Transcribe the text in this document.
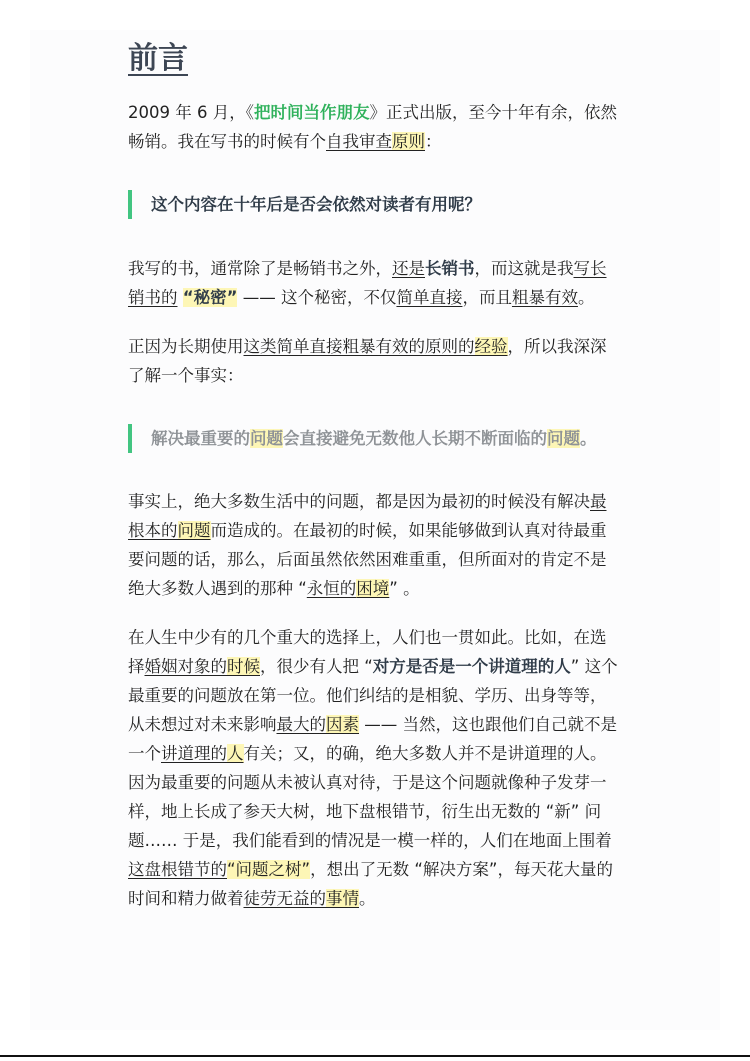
前言

2009 年 6 月，《把时间当作朋友》正式出版，至今十年有余，依然畅销。我在写书的时候有个自我审查原则：

这个内容在十年后是否会依然对读者有用呢？

我写的书，通常除了是畅销书之外，还是长销书，而这就是我写长销书的 “秘密” —— 这个秘密，不仅简单直接，而且粗暴有效。

正因为长期使用这类简单直接粗暴有效的原则的经验，所以我深深了解一个事实：

解决最重要的问题会直接避免无数他人长期不断面临的问题。

事实上，绝大多数生活中的问题，都是因为最初的时候没有解决最根本的问题而造成的。在最初的时候，如果能够做到认真对待最重要问题的话，那么，后面虽然依然困难重重，但所面对的肯定不是绝大多数人遇到的那种 “永恒的困境” 。

在人生中少有的几个重大的选择上，人们也一贯如此。比如，在选择婚姻对象的时候，很少有人把 “对方是否是一个讲道理的人” 这个最重要的问题放在第一位。他们纠结的是相貌、学历、出身等等，从未想过对未来影响最大的因素 —— 当然，这也跟他们自己就不是一个讲道理的人有关；又，的确，绝大多数人并不是讲道理的人。因为最重要的问题从未被认真对待，于是这个问题就像种子发芽一样，地上长成了参天大树，地下盘根错节，衍生出无数的 “新” 问题…… 于是，我们能看到的情况是一模一样的，人们在地面上围着这盘根错节的“问题之树”，想出了无数 “解决方案”，每天花大量的时间和精力做着徒劳无益的事情。
